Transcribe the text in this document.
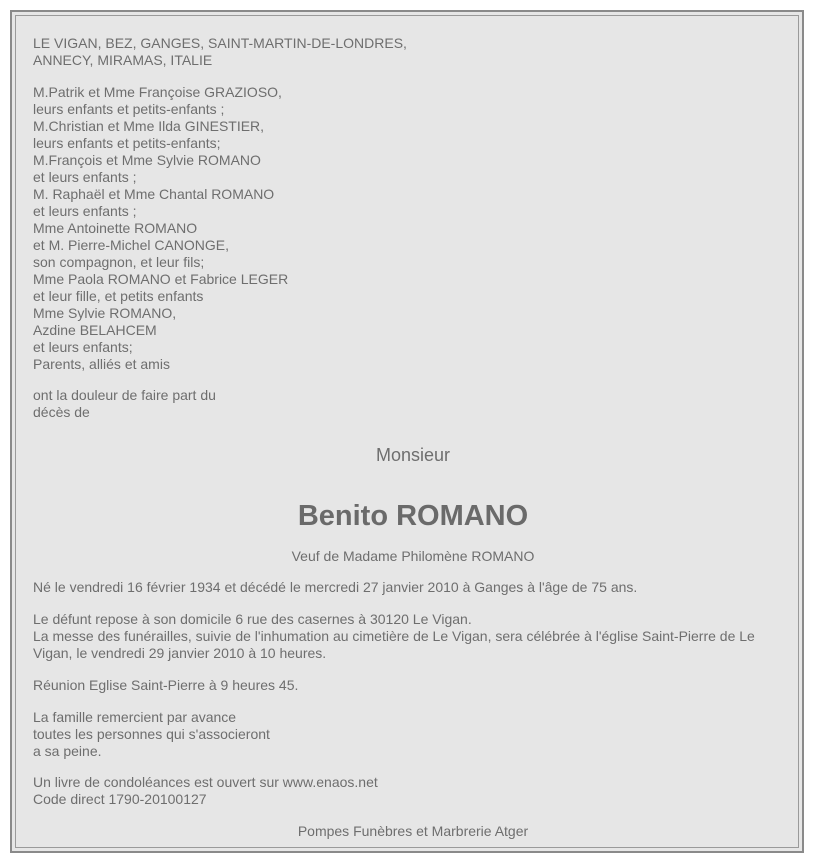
LE VIGAN, BEZ, GANGES, SAINT-MARTIN-DE-LONDRES,
ANNECY, MIRAMAS, ITALIE
M.Patrik et Mme Françoise GRAZIOSO,
leurs enfants et petits-enfants ;
M.Christian et Mme Ilda GINESTIER,
leurs enfants et petits-enfants;
M.François et Mme Sylvie ROMANO
et leurs enfants ;
M. Raphaël et Mme Chantal ROMANO
et leurs enfants ;
Mme Antoinette ROMANO
et M. Pierre-Michel CANONGE,
son compagnon, et leur fils;
Mme Paola ROMANO et Fabrice LEGER
et leur fille, et petits enfants
Mme Sylvie ROMANO,
Azdine BELAHCEM
et leurs enfants;
Parents, alliés et amis
ont la douleur de faire part du
décès de
Monsieur
Benito ROMANO
Veuf de Madame Philomène ROMANO
Né le vendredi 16 février 1934 et décédé le mercredi 27 janvier 2010 à Ganges à l'âge de 75 ans.
Le défunt repose à son domicile 6 rue des casernes à 30120 Le Vigan.
La messe des funérailles, suivie de l'inhumation au cimetière de Le Vigan, sera célébrée à l'église Saint-Pierre de Le
Vigan, le vendredi 29 janvier 2010 à 10 heures.
Réunion Eglise Saint-Pierre à 9 heures 45.
La famille remercient par avance
toutes les personnes qui s'associeront
a sa peine.
Un livre de condoléances est ouvert sur www.enaos.net
Code direct 1790-20100127
Pompes Funèbres et Marbrerie Atger
